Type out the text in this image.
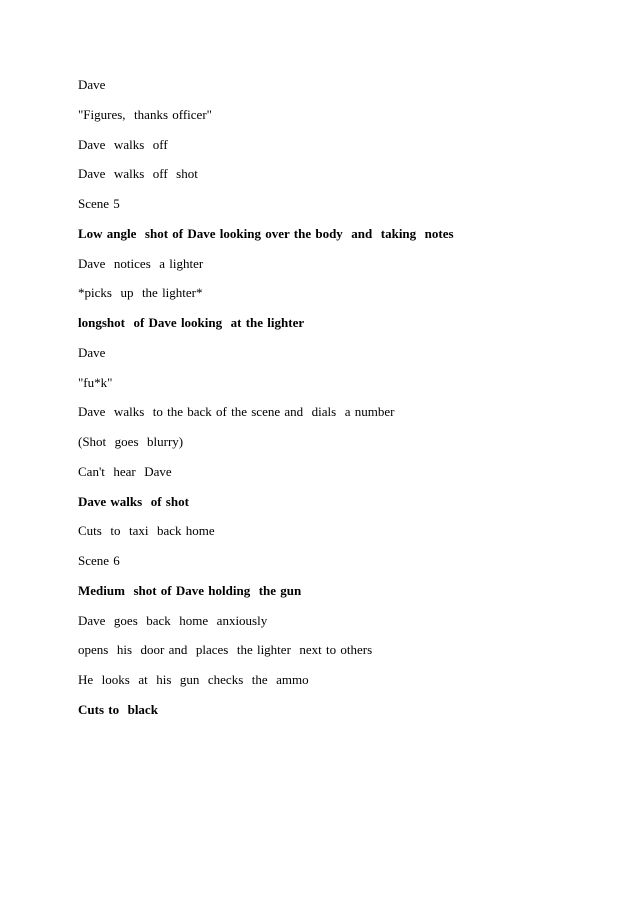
Dave
"Figures,  thanks officer"
Dave  walks  off
Dave  walks  off  shot
Scene 5
Low angle  shot of Dave looking over the body  and  taking  notes
Dave  notices  a lighter
*picks  up  the lighter*
longshot  of Dave looking  at the lighter
Dave
"fu*k"
Dave  walks  to the back of the scene and  dials  a number
(Shot  goes  blurry)
Can't  hear  Dave
Dave walks  of shot
Cuts  to  taxi  back home
Scene 6
Medium  shot of Dave holding  the gun
Dave  goes  back  home  anxiously
opens  his  door and  places  the lighter  next to others
He  looks  at  his  gun  checks  the  ammo
Cuts to  black
